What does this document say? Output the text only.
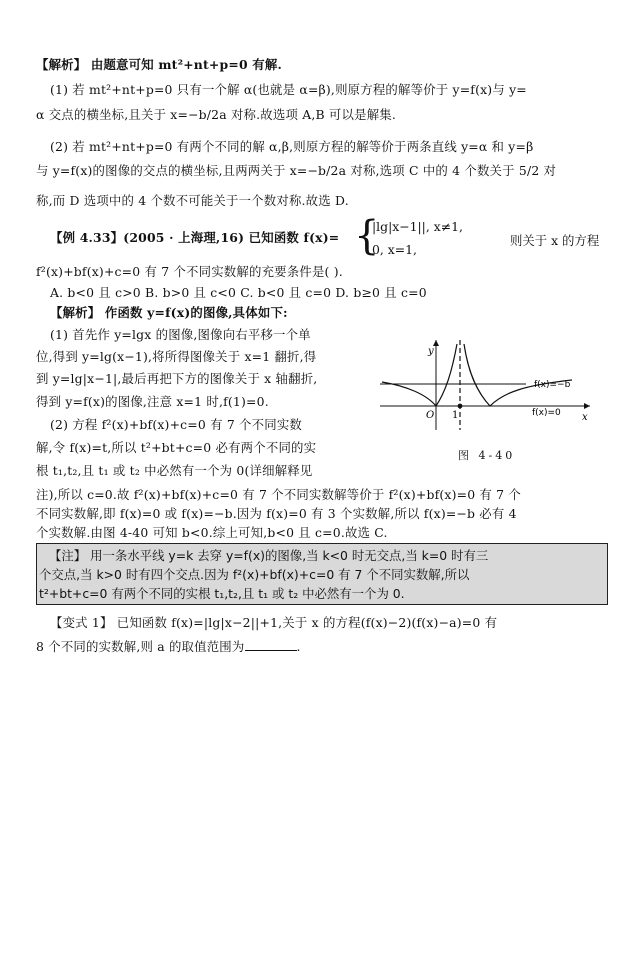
【解析】 由题意可知 mt²+nt+p=0 有解.
(1) 若 mt²+nt+p=0 只有一个解 α(也就是 α=β),则原方程的解等价于 y=f(x)与 y=
α 交点的横坐标,且关于 x=−b/2a 对称.故选项 A,B 可以是解集.
(2) 若 mt²+nt+p=0 有两个不同的解 α,β,则原方程的解等价于两条直线 y=α 和 y=β
与 y=f(x)的图像的交点的横坐标,且两两关于 x=−b/2a 对称,选项 C 中的 4 个数关于 5/2 对
称,而 D 选项中的 4 个数不可能关于一个数对称.故选 D.
【例 4.33】(2005 · 上海理,16) 已知函数 f(x)= {
|lg|x−1||, x≠1,
0, x=1,
则关于 x 的方程
f²(x)+bf(x)+c=0 有 7 个不同实数解的充要条件是( ).
A. b<0 且 c>0 B. b>0 且 c<0 C. b<0 且 c=0 D. b≥0 且 c=0
【解析】 作函数 y=f(x)的图像,具体如下:
(1) 首先作 y=lgx 的图像,图像向右平移一个单
位,得到 y=lg(x−1),将所得图像关于 x=1 翻折,得
到 y=lg|x−1|,最后再把下方的图像关于 x 轴翻折,
得到 y=f(x)的图像,注意 x=1 时,f(1)=0.
(2) 方程 f²(x)+bf(x)+c=0 有 7 个不同实数
解,令 f(x)=t,所以 t²+bt+c=0 必有两个不同的实
根 t₁,t₂,且 t₁ 或 t₂ 中必然有一个为 0(详细解释见
注),所以 c=0.故 f²(x)+bf(x)+c=0 有 7 个不同实数解等价于 f²(x)+bf(x)=0 有 7 个
不同实数解,即 f(x)=0 或 f(x)=−b.因为 f(x)=0 有 3 个实数解,所以 f(x)=−b 必有 4
y
x
O 1
f(x)=−b
f(x)=0
图 4-40
【注】 用一条水平线 y=k 去穿 y=f(x)的图像,当 k<0 时无交点,当 k=0 时有三
个交点,当 k>0 时有四个交点.因为 f²(x)+bf(x)+c=0 有 7 个不同实数解,所以
t²+bt+c=0 有两个不同的实根 t₁,t₂,且 t₁ 或 t₂ 中必然有一个为 0.
个实数解.由图 4-40 可知 b<0.综上可知,b<0 且 c=0.故选 C.
【变式 1】 已知函数 f(x)=|lg|x−2||+1,关于 x 的方程(f(x)−2)(f(x)−a)=0 有
8 个不同的实数解,则 a 的取值范围为	.
